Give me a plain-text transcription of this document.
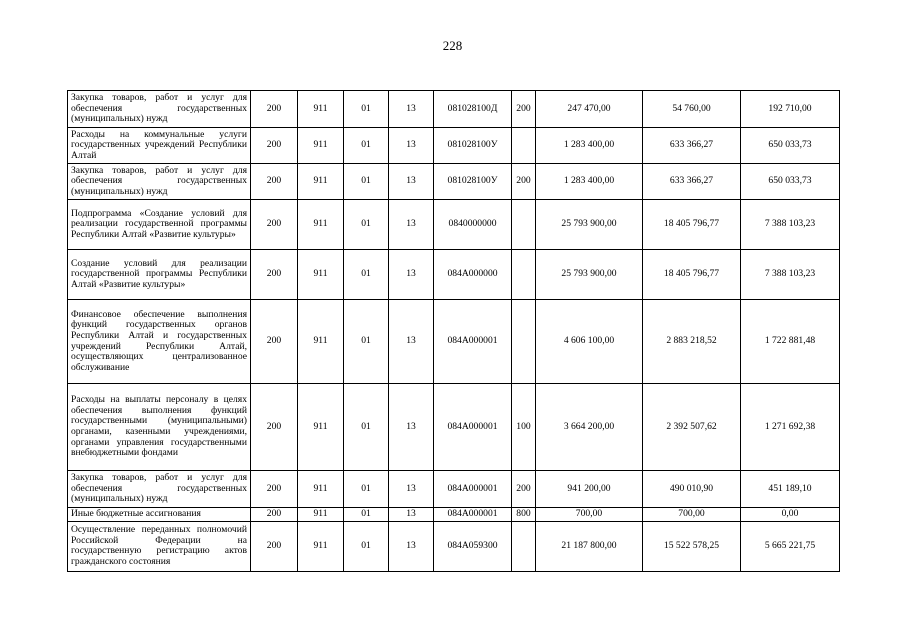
228
Закупка товаров, работ и услуг для обеспечения государственных (муниципальных) нужд	200	911	01	13	081028100Д	200	247 470,00	54 760,00	192 710,00
Расходы на коммунальные услуги государственных учреждений Республики Алтай	200	911	01	13	081028100У		1 283 400,00	633 366,27	650 033,73
Закупка товаров, работ и услуг для обеспечения государственных (муниципальных) нужд	200	911	01	13	081028100У	200	1 283 400,00	633 366,27	650 033,73
Подпрограмма «Создание условий для реализации государственной программы Республики Алтай «Развитие культуры»	200	911	01	13	0840000000		25 793 900,00	18 405 796,77	7 388 103,23
Создание условий для реализации государственной программы Республики Алтай «Развитие культуры»	200	911	01	13	084А000000		25 793 900,00	18 405 796,77	7 388 103,23
Финансовое обеспечение выполнения функций государственных органов Республики Алтай и государственных учреждений Республики Алтай, осуществляющих централизованное обслуживание	200	911	01	13	084А000001		4 606 100,00	2 883 218,52	1 722 881,48
Расходы на выплаты персоналу в целях обеспечения выполнения функций государственными (муниципальными) органами, казенными учреждениями, органами управления государственными внебюджетными фондами	200	911	01	13	084А000001	100	3 664 200,00	2 392 507,62	1 271 692,38
Закупка товаров, работ и услуг для обеспечения государственных (муниципальных) нужд	200	911	01	13	084А000001	200	941 200,00	490 010,90	451 189,10
Иные бюджетные ассигнования	200	911	01	13	084А000001	800	700,00	700,00	0,00
Осуществление переданных полномочий Российской Федерации на государственную регистрацию актов гражданского состояния	200	911	01	13	084А059300		21 187 800,00	15 522 578,25	5 665 221,75
